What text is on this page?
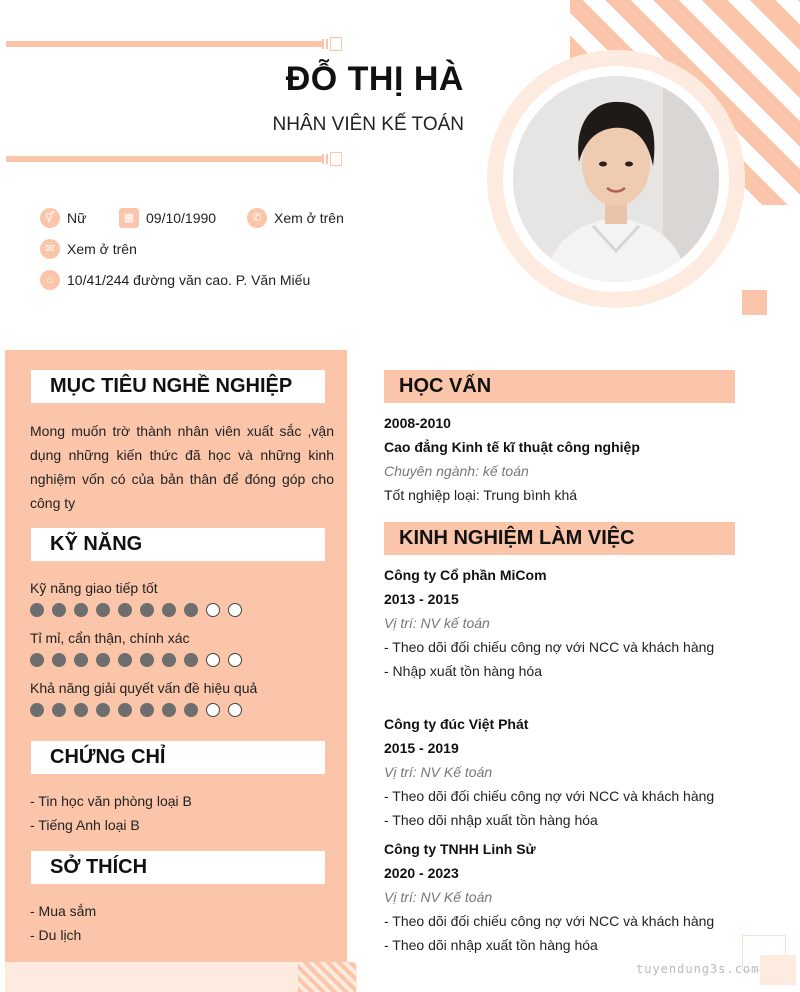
ĐỖ THỊ HÀ
NHÂN VIÊN KẾ TOÁN
⚥ Nữ	▦ 09/10/1990	✆ Xem ở trên
✉ Xem ở trên
⌂ 10/41/244 đường văn cao. P. Văn Miếu
MỤC TIÊU NGHỀ NGHIỆP
Mong muốn trờ thành nhân viên xuất sắc ,vận dụng những kiến thức đã học và những kinh nghiệm vốn có của bản thân để đóng góp cho công ty
KỸ NĂNG
Kỹ năng giao tiếp tốt
Tỉ mỉ, cẩn thận, chính xác
Khả năng giải quyết vấn đề hiệu quả
CHỨNG CHỈ
- Tin học văn phòng loại B
- Tiếng Anh loại B
SỞ THÍCH
- Mua sắm
- Du lịch
HỌC VẤN
2008-2010
Cao đẳng Kinh tế kĩ thuật công nghiệp
Chuyên ngành: kế toán
Tốt nghiệp loại: Trung bình khá
KINH NGHIỆM LÀM VIỆC
Công ty Cổ phần MiCom
2013 - 2015
Vị trí: NV kế toán
- Theo dõi đối chiếu công nợ với NCC và khách hàng
- Nhập xuất tồn hàng hóa
Công ty đúc Việt Phát
2015 - 2019
Vị trí: NV Kế toán
- Theo dõi đối chiếu công nợ với NCC và khách hàng
- Theo dõi nhập xuất tồn hàng hóa
Công ty TNHH Linh Sử
2020 - 2023
Vị trí: NV Kế toán
- Theo dõi đối chiếu công nợ với NCC và khách hàng
- Theo dõi nhập xuất tồn hàng hóa
tuyendung3s.com
